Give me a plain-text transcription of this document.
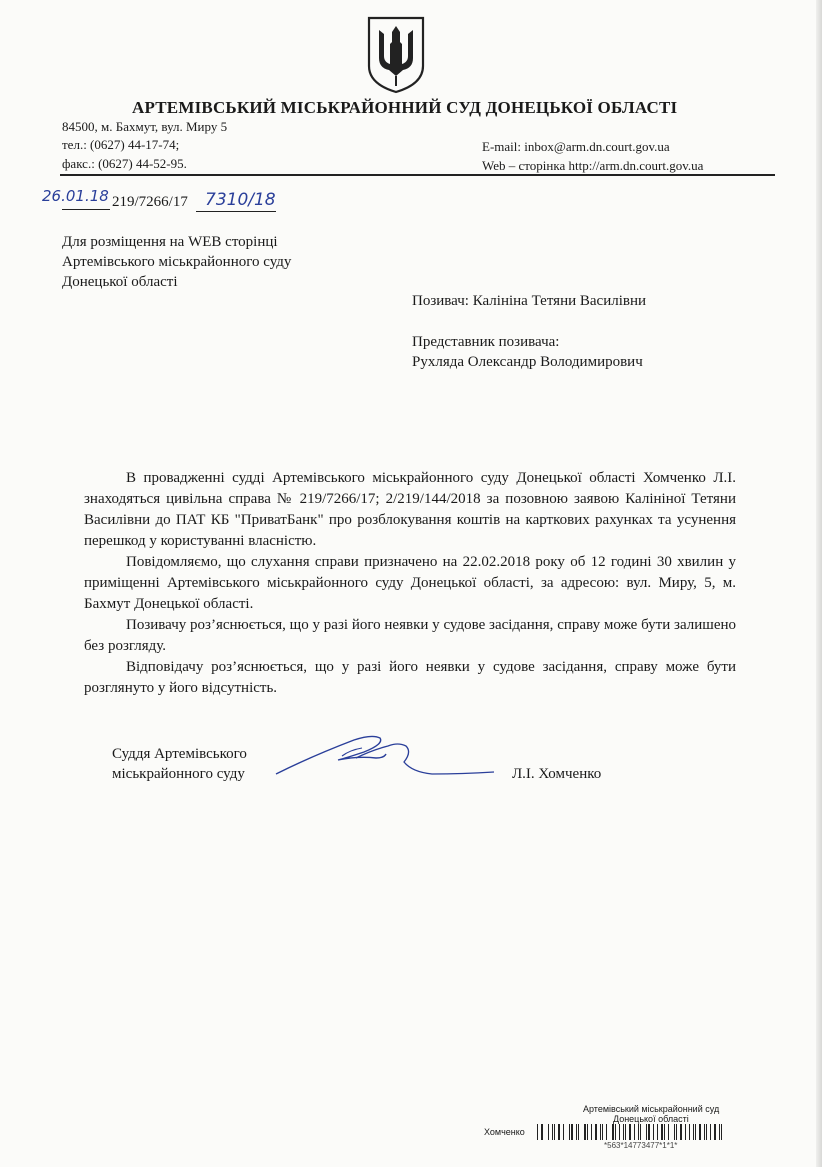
АРТЕМІВСЬКИЙ МІСЬКРАЙОННИЙ СУД ДОНЕЦЬКОЇ ОБЛАСТІ
84500, м. Бахмут, вул. Миру 5
тел.: (0627) 44-17-74;
факс.: (0627) 44-52-95.
E-mail: inbox@arm.dn.court.gov.ua
Web – сторінка http://arm.dn.court.gov.ua
26.01.18 219/7266/17 7310/18
Для розміщення на WEB сторінці
Артемівського міськрайонного суду
Донецької області
Позивач: Калініна Тетяни Василівни
Представник позивача:
Рухляда Олександр Володимирович

В провадженні судді Артемівського міськрайонного суду Донецької області Хомченко Л.І. знаходяться цивільна справа № 219/7266/17; 2/219/144/2018 за позовною заявою Калініної Тетяни Василівни до ПАТ КБ "ПриватБанк" про розблокування коштів на карткових рахунках та усунення перешкод у користуванні власністю.

Повідомляємо, що слухання справи призначено на 22.02.2018 року об 12 годині 30 хвилин у приміщенні Артемівського міськрайонного суду Донецької області, за адресою: вул. Миру, 5, м. Бахмут Донецької області.

Позивачу роз’яснюється, що у разі його неявки у судове засідання, справу може бути залишено без розгляду.

Відповідачу роз’яснюється, що у разі його неявки у судове засідання, справу може бути розглянуто у його відсутність.

Суддя Артемівського
міськрайонного суду	Л.І. Хомченко
Артемівський міськрайонний суд
Донецької області
Хомченко
*563*14773477*1*1*
